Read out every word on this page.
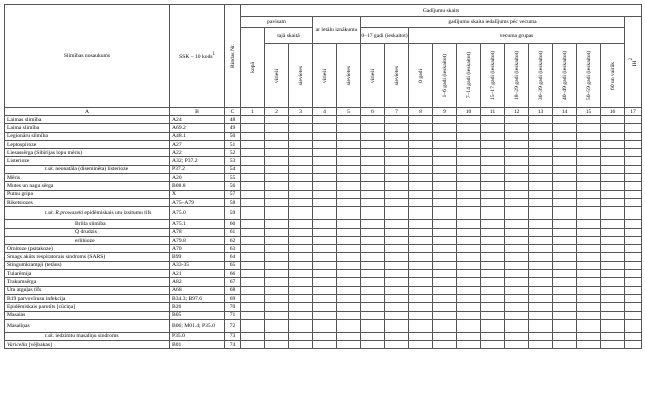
Slimības nosaukums	SSK – 10 kods$^1$	Rindas Nr.	Gadījumu skaits																
			pavisam			ar letālu iznākumu		gadījumu skaita iedalījums pēc vecuma											$IH^2$

			kopā	tajā skaitā				0–17 gadi (ieskaitot)		vecuma grupas									

				vīrieši	sievietes	vīrieši	sievietes	vīrieši	sievietes	0 gadi	1–6 gadi (ieskaitot)	7–14 gadi (ieskaitot)	15–17 gadi (ieskaitot)	18–29 gadi (ieskaitot)	30–39 gadi (ieskaitot)	40–49 gadi (ieskaitot)	50–59 gadi (ieskaitot)	60 un vairāk	

A	B	C	1	2	3	4	5	6	7	8	9	10	11	12	13	14	15	16	17
Laimas slimība	A24	48																	
Laima slimība	A69.2	49																	
Legionāru slimība	A48.1	50																	
Leptospiroze	A27	51																	
Liesassērga (Sibīrijas lopu mēris)	A22	52																	
Listerioze	A32; P37.2	53																	
t.sk. neonatāla (diseminēta) listerioze	P37.2	54																	
Mēris	A20	55																	
Mutes un nagu sērga	B08.8	56																	
Putnu gripa	X	57																	
Riketsiozes	A75–A79	58																	
t.sk. R.prowazeki epidēmiskais utu izsitumu tīfs	A75.0	59																	
Brilla slimība	A75.1	60																	
Q drudzis	A78	61																	
erlihioze	A79.8	62																	
Ornitoze (psitakoze)	A70	63																	
Smags akūts respiratorais sindroms (SARS)	B99	64																	
Stingumkrampji (tetāns)	A33-35	65																	
Tularēmija	A21	66																	
Trakumsērga	A82	67																	
Utu atguļas tīfs	A68	68																	
B19 parvovīrusu infekcija	B34.3; B97.6	69																	
Epidēmiskais parotīts [cūciņa]	B26	70																	
Masalas	B05	71																	
Masaliņas	B06; M01.4; P35.0	72																	
t.sk. iedzimtu masaliņu sindroms	P35.0	73																	
Varicella [vējbakas]	B01	74																	
